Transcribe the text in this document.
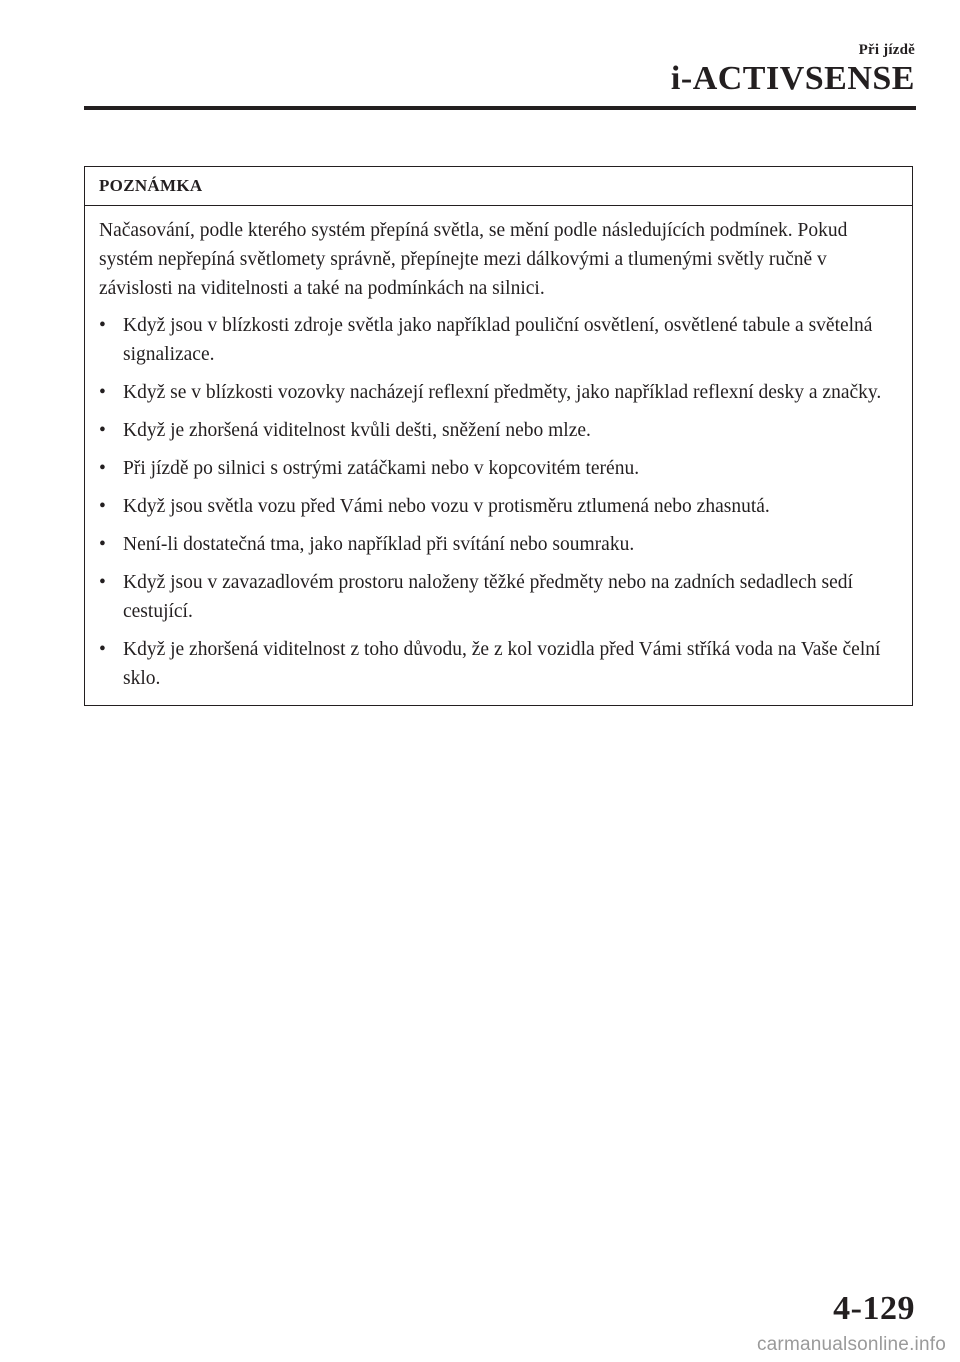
Při jízdě
i-ACTIVSENSE
POZNÁMKA

Načasování, podle kterého systém přepíná světla, se mění podle následujících podmínek. Pokud systém nepřepíná světlomety správně, přepínejte mezi dálkovými a tlumenými světly ručně v závislosti na viditelnosti a také na podmínkách na silnici.

• Když jsou v blízkosti zdroje světla jako například pouliční osvětlení, osvětlené tabule a světelná signalizace.
• Když se v blízkosti vozovky nacházejí reflexní předměty, jako například reflexní desky a značky.
• Když je zhoršená viditelnost kvůli dešti, sněžení nebo mlze.
• Při jízdě po silnici s ostrými zatáčkami nebo v kopcovitém terénu.
• Když jsou světla vozu před Vámi nebo vozu v protisměru ztlumená nebo zhasnutá.
• Není-li dostatečná tma, jako například při svítání nebo soumraku.
• Když jsou v zavazadlovém prostoru naloženy těžké předměty nebo na zadních sedadlech sedí cestující.
• Když je zhoršená viditelnost z toho důvodu, že z kol vozidla před Vámi stříká voda na Vaše čelní sklo.
4-129
carmanualsonline.info
